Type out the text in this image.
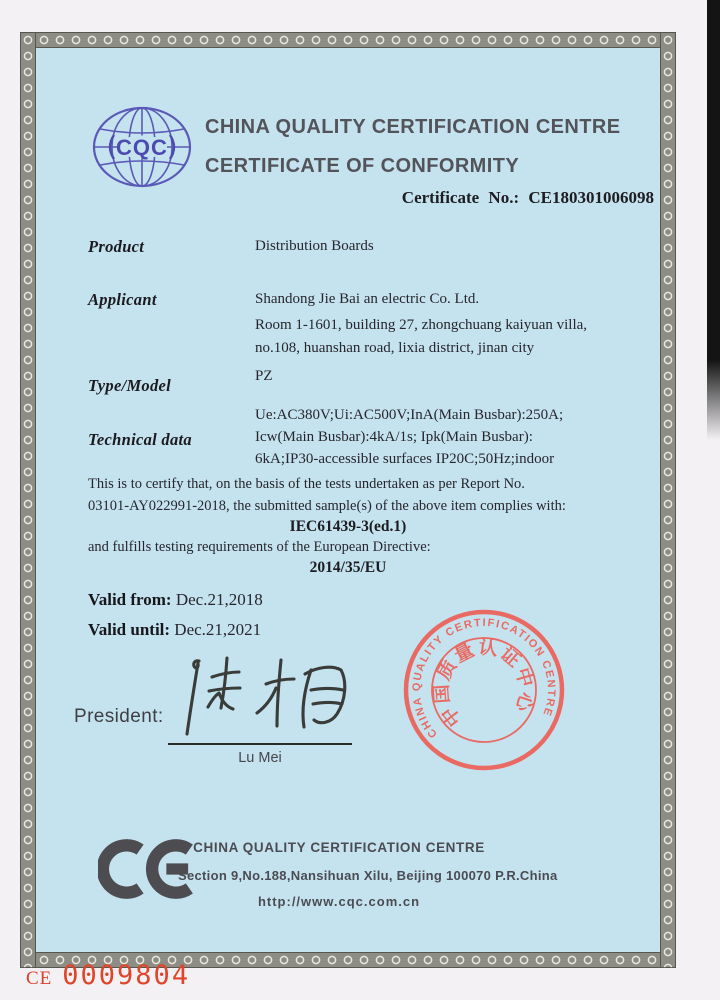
CQC
CHINA QUALITY CERTIFICATION CENTRE
CERTIFICATE OF CONFORMITY
Certificate No.: CE180301006098
Product	Distribution Boards
Applicant	Shandong Jie Bai an electric Co. Ltd.
Room 1-1601, building 27, zhongchuang kaiyuan villa,
no.108, huanshan road, lixia district, jinan city
Type/Model	PZ
Technical data
Ue:AC380V;Ui:AC500V;InA(Main Busbar):250A;
Icw(Main Busbar):4kA/1s; Ipk(Main Busbar):
6kA;IP30-accessible surfaces IP20C;50Hz;indoor
This is to certify that, on the basis of the tests undertaken as per Report No.
03101-AY022991-2018, the submitted sample(s) of the above item complies with:
IEC61439-3(ed.1)
and fulfills testing requirements of the European Directive:
2014/35/EU
Valid from: Dec.21,2018
Valid until: Dec.21,2021
President:
Lu Mei
CHINA QUALITY CERTIFICATION CENTRE
中国质量认证中心
CHINA QUALITY CERTIFICATION CENTRE
Section 9,No.188,Nansihuan Xilu, Beijing 100070 P.R.China
http://www.cqc.com.cn
CE 0009804
